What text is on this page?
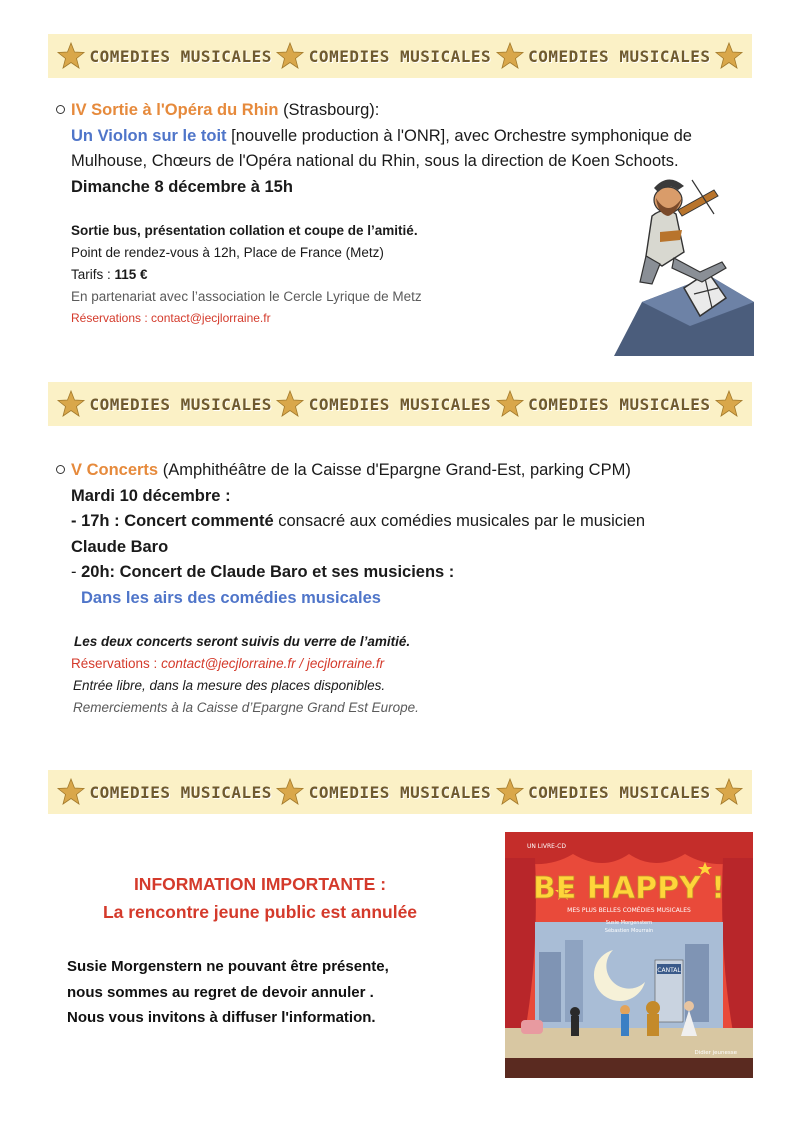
COMEDIES MUSICALES COMEDIES MUSICALES COMEDIES MUSICALES
IV Sortie à l'Opéra du Rhin (Strasbourg):
Un Violon sur le toit [nouvelle production à l'ONR], avec Orchestre symphonique de Mulhouse, Chœurs de l'Opéra national du Rhin, sous la direction de Koen Schoots.
Dimanche 8 décembre à 15h
Sortie bus, présentation collation et coupe de l’amitié.
Point de rendez-vous à 12h, Place de France (Metz)
Tarifs : 115 €
En partenariat avec l’association le Cercle Lyrique de Metz
Réservations : contact@jecjlorraine.fr
COMEDIES MUSICALES COMEDIES MUSICALES COMEDIES MUSICALES
V Concerts (Amphithéâtre de la Caisse d'Epargne Grand-Est, parking CPM)
Mardi 10 décembre :
- 17h : Concert commenté consacré aux comédies musicales par le musicien
Claude Baro
- 20h: Concert de Claude Baro et ses musiciens :
Dans les airs des comédies musicales
Les deux concerts seront suivis du verre de l’amitié.
Réservations : contact@jecjlorraine.fr / jecjlorraine.fr
Entrée libre, dans la mesure des places disponibles.
Remerciements à la Caisse d’Epargne Grand Est Europe.
COMEDIES MUSICALES COMEDIES MUSICALES COMEDIES MUSICALES
INFORMATION IMPORTANTE :
La rencontre jeune public est annulée
Susie Morgenstern ne pouvant être présente,
nous sommes au regret de devoir annuler .
Nous vous invitons à diffuser l'information.
CANTAL
UN LIVRE-CD
BE HAPPY !
MES PLUS BELLES COMÉDIES MUSICALES
Susie Morgenstern
Sébastien Mourrain
Didier jeunesse
